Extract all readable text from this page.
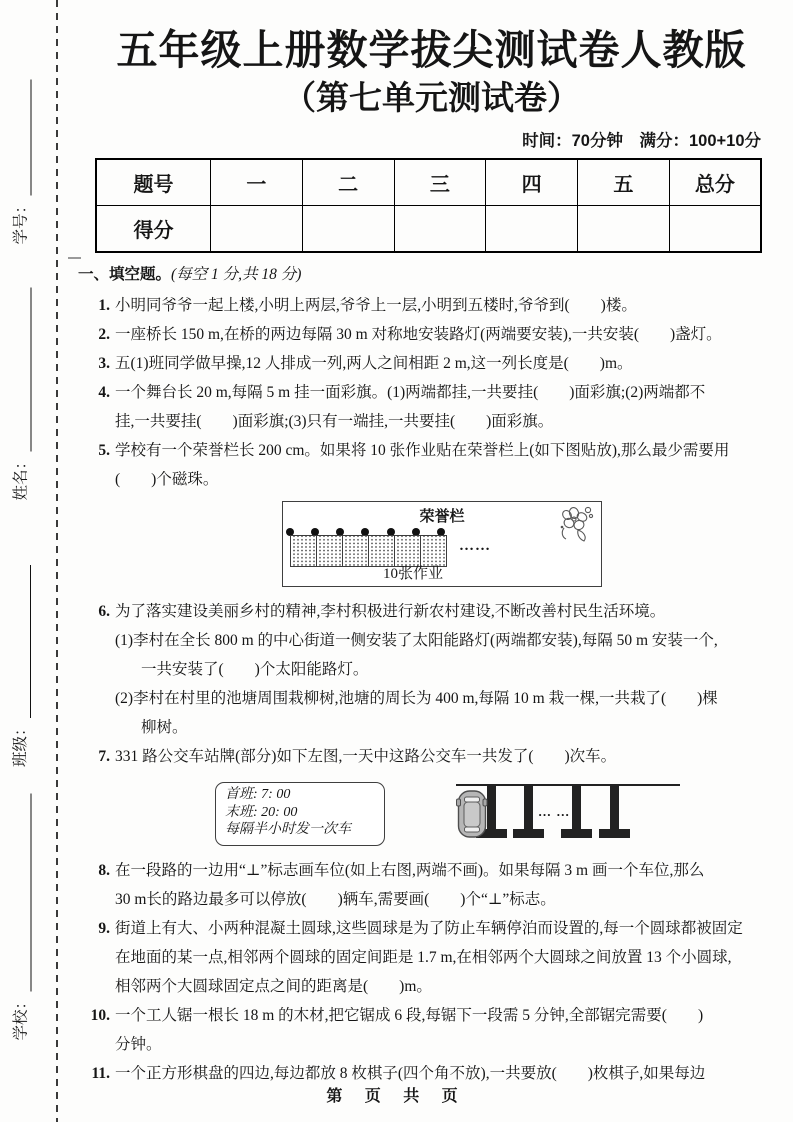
学号：
姓名：
班级：
学校：
五年级上册数学拔尖测试卷人教版
（第七单元测试卷）
时间：70分钟　满分：100+10分
题号	一	二	三	四	五	总分
得分						
一、填空题。(每空 1 分,共 18 分)
1. 小明同爷爷一起上楼,小明上两层,爷爷上一层,小明到五楼时,爷爷到(　　)楼。
2. 一座桥长 150 m,在桥的两边每隔 30 m 对称地安装路灯(两端要安装),一共安装(　　)盏灯。
3. 五(1)班同学做早操,12 人排成一列,两人之间相距 2 m,这一列长度是(　　)m。
4. 一个舞台长 20 m,每隔 5 m 挂一面彩旗。(1)两端都挂,一共要挂(　　)面彩旗;(2)两端都不
挂,一共要挂(　　)面彩旗;(3)只有一端挂,一共要挂(　　)面彩旗。
5. 学校有一个荣誉栏长 200 cm。如果将 10 张作业贴在荣誉栏上(如下图贴放),那么最少需要用
(　　)个磁珠。
荣誉栏
……
10张作业
6. 为了落实建设美丽乡村的精神,李村积极进行新农村建设,不断改善村民生活环境。
(1)李村在全长 800 m 的中心街道一侧安装了太阳能路灯(两端都安装),每隔 50 m 安装一个,
一共安装了(　　)个太阳能路灯。
(2)李村在村里的池塘周围栽柳树,池塘的周长为 400 m,每隔 10 m 栽一棵,一共栽了(　　)棵
柳树。
7. 331 路公交车站牌(部分)如下左图,一天中这路公交车一共发了(　　)次车。
首班: 7: 00
末班: 20: 00
每隔半小时发一次车
… …
8. 在一段路的一边用“⊥”标志画车位(如上右图,两端不画)。如果每隔 3 m 画一个车位,那么
30 m长的路边最多可以停放(　　)辆车,需要画(　　)个“⊥”标志。
9. 街道上有大、小两种混凝土圆球,这些圆球是为了防止车辆停泊而设置的,每一个圆球都被固定
在地面的某一点,相邻两个圆球的固定间距是 1.7 m,在相邻两个大圆球之间放置 13 个小圆球,
相邻两个大圆球固定点之间的距离是(　　)m。
10. 一个工人锯一根长 18 m 的木材,把它锯成 6 段,每锯下一段需 5 分钟,全部锯完需要(　　)
分钟。
11. 一个正方形棋盘的四边,每边都放 8 枚棋子(四个角不放),一共要放(　　)枚棋子,如果每边
第 页 共 页
